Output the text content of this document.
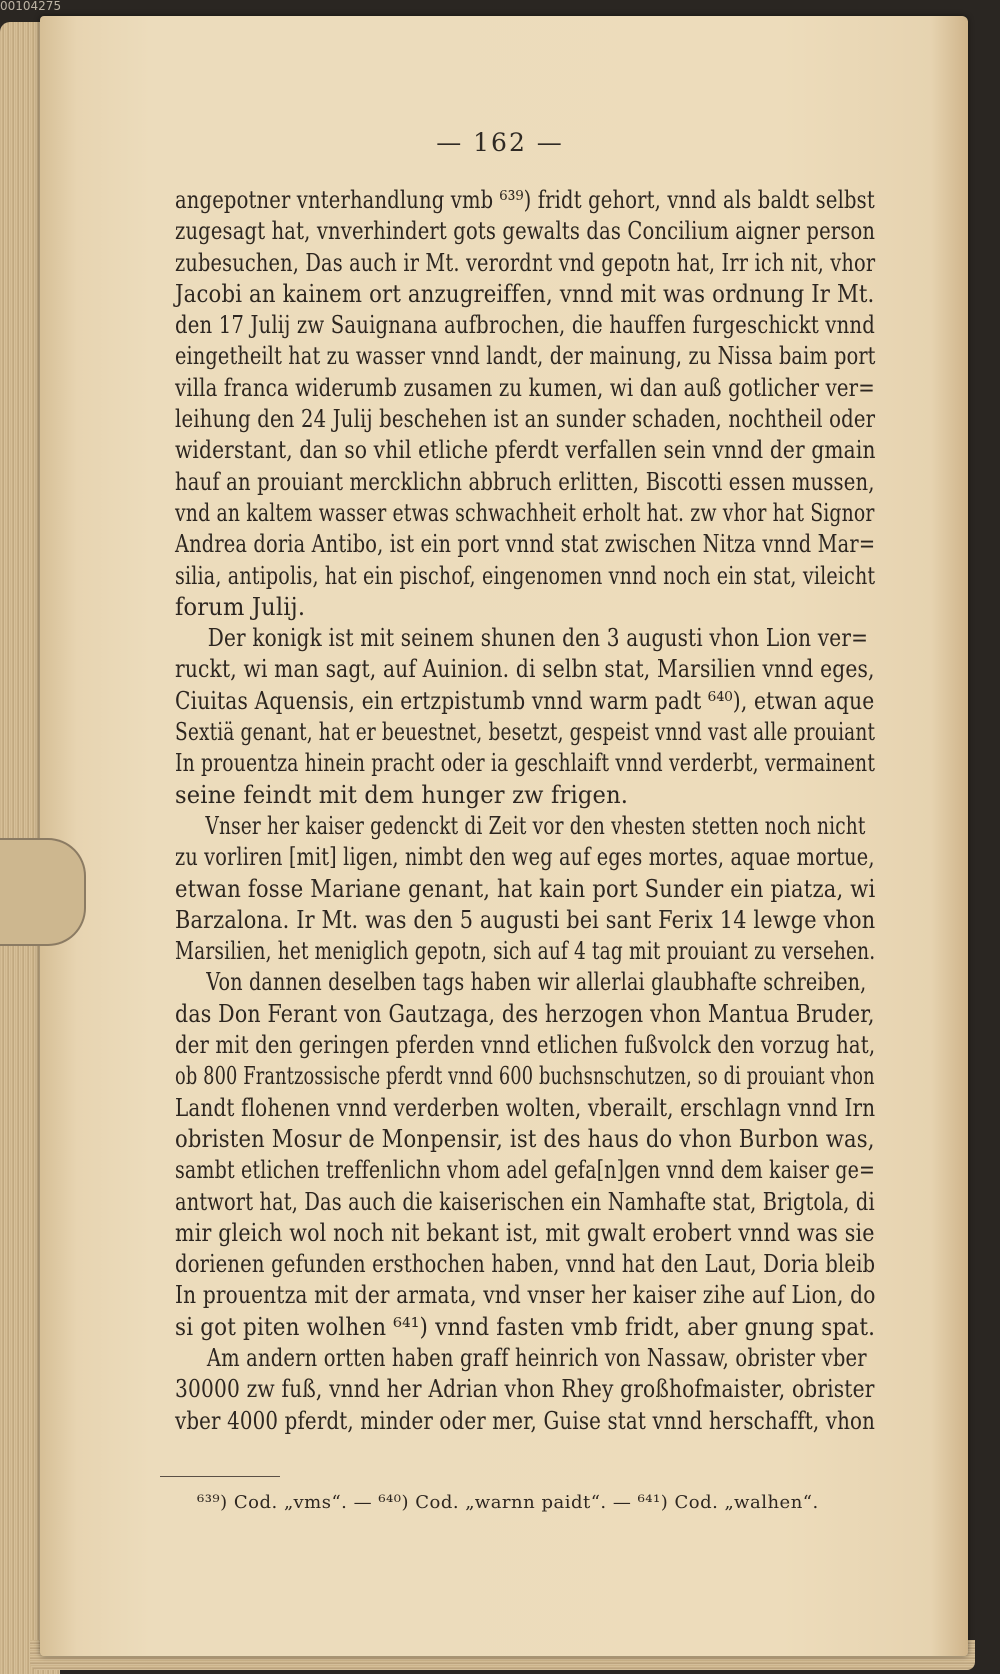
00104275
— 162 —
angepotner vnterhandlung vmb ⁶³⁹) fridt gehort, vnnd als baldt selbst
zugesagt hat, vnverhindert gots gewalts das Concilium aigner person
zubesuchen, Das auch ir Mt. verordnt vnd gepotn hat, Irr ich nit, vhor
Jacobi an kainem ort anzugreiffen, vnnd mit was ordnung Ir Mt.
den 17 Julij zw Sauignana aufbrochen, die hauffen furgeschickt vnnd
eingetheilt hat zu wasser vnnd landt, der mainung, zu Nissa baim port
villa franca widerumb zusamen zu kumen, wi dan auß gotlicher ver=
leihung den 24 Julij beschehen ist an sunder schaden, nochtheil oder
widerstant, dan so vhil etliche pferdt verfallen sein vnnd der gmain
hauf an prouiant mercklichn abbruch erlitten, Biscotti essen mussen,
vnd an kaltem wasser etwas schwachheit erholt hat. zw vhor hat Signor
Andrea doria Antibo, ist ein port vnnd stat zwischen Nitza vnnd Mar=
silia, antipolis, hat ein pischof, eingenomen vnnd noch ein stat, vileicht
forum Julij.
Der konigk ist mit seinem shunen den 3 augusti vhon Lion ver=
ruckt, wi man sagt, auf Auinion. di selbn stat, Marsilien vnnd eges,
Ciuitas Aquensis, ein ertzpistumb vnnd warm padt ⁶⁴⁰), etwan aque
Sextiä genant, hat er beuestnet, besetzt, gespeist vnnd vast alle prouiant
In prouentza hinein pracht oder ia geschlaift vnnd verderbt, vermainent
seine feindt mit dem hunger zw frigen.
Vnser her kaiser gedenckt di Zeit vor den vhesten stetten noch nicht
zu vorliren [mit] ligen, nimbt den weg auf eges mortes, aquae mortue,
etwan fosse Mariane genant, hat kain port Sunder ein piatza, wi
Barzalona. Ir Mt. was den 5 augusti bei sant Ferix 14 lewge vhon
Marsilien, het meniglich gepotn, sich auf 4 tag mit prouiant zu versehen.
Von dannen deselben tags haben wir allerlai glaubhafte schreiben,
das Don Ferant von Gautzaga, des herzogen vhon Mantua Bruder,
der mit den geringen pferden vnnd etlichen fußvolck den vorzug hat,
ob 800 Frantzossische pferdt vnnd 600 buchsnschutzen, so di prouiant vhon
Landt flohenen vnnd verderben wolten, vberailt, erschlagn vnnd Irn
obristen Mosur de Monpensir, ist des haus do vhon Burbon was,
sambt etlichen treffenlichn vhom adel gefa[n]gen vnnd dem kaiser ge=
antwort hat, Das auch die kaiserischen ein Namhafte stat, Brigtola, di
mir gleich wol noch nit bekant ist, mit gwalt erobert vnnd was sie
dorienen gefunden ersthochen haben, vnnd hat den Laut, Doria bleib
In prouentza mit der armata, vnd vnser her kaiser zihe auf Lion, do
si got piten wolhen ⁶⁴¹) vnnd fasten vmb fridt, aber gnung spat.
Am andern ortten haben graff heinrich von Nassaw, obrister vber
30000 zw fuß, vnnd her Adrian vhon Rhey großhofmaister, obrister
vber 4000 pferdt, minder oder mer, Guise stat vnnd herschafft, vhon
⁶³⁹) Cod. „vms“. — ⁶⁴⁰) Cod. „warnn paidt“. — ⁶⁴¹) Cod. „walhen“.
